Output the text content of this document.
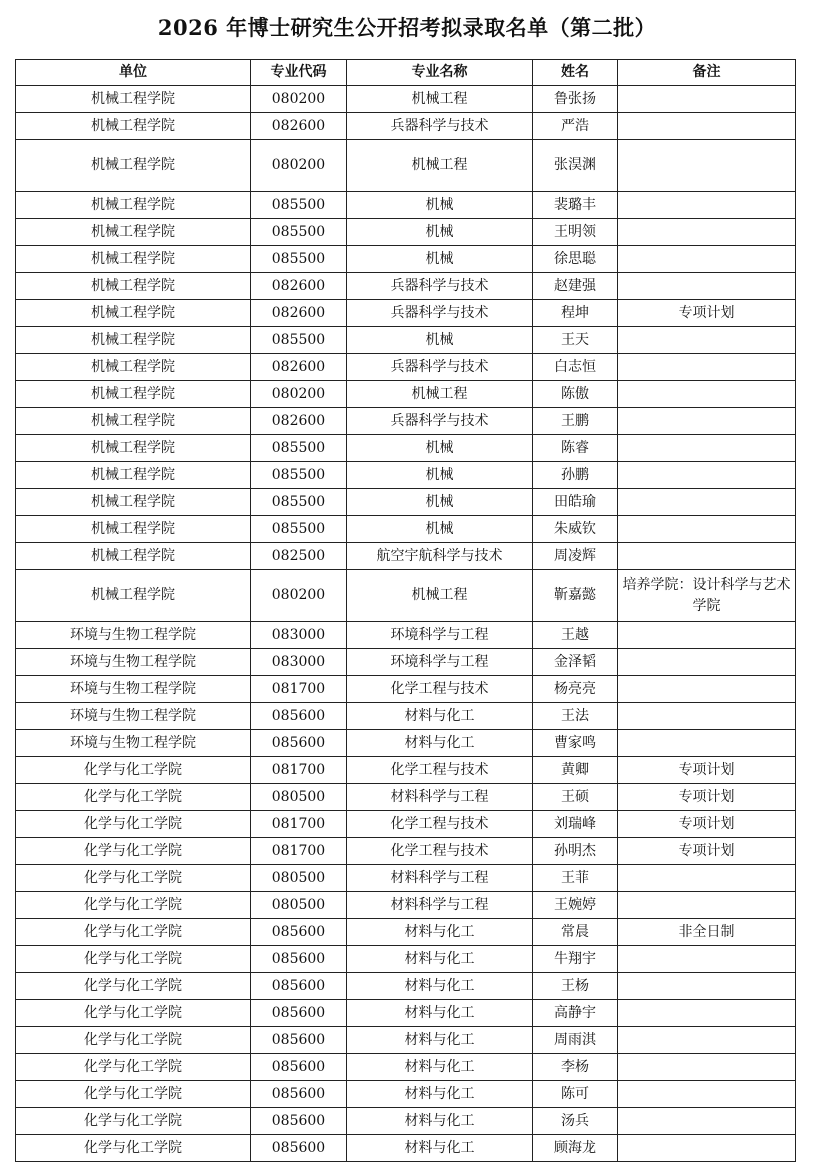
2026 年博士研究生公开招考拟录取名单（第二批）
单位	专业代码	专业名称	姓名	备注
机械工程学院	080200	机械工程	鲁张扬	
机械工程学院	082600	兵器科学与技术	严浩	
机械工程学院	080200	机械工程	张淏渊	
机械工程学院	085500	机械	裴璐丰	
机械工程学院	085500	机械	王明领	
机械工程学院	085500	机械	徐思聪	
机械工程学院	082600	兵器科学与技术	赵建强	
机械工程学院	082600	兵器科学与技术	程坤	专项计划
机械工程学院	085500	机械	王天	
机械工程学院	082600	兵器科学与技术	白志恒	
机械工程学院	080200	机械工程	陈傲	
机械工程学院	082600	兵器科学与技术	王鹏	
机械工程学院	085500	机械	陈睿	
机械工程学院	085500	机械	孙鹏	
机械工程学院	085500	机械	田皓瑜	
机械工程学院	085500	机械	朱威钦	
机械工程学院	082500	航空宇航科学与技术	周凌辉	
机械工程学院	080200	机械工程	靳嘉懿	培养学院：设计科学与艺术学院
环境与生物工程学院	083000	环境科学与工程	王越	
环境与生物工程学院	083000	环境科学与工程	金泽韬	
环境与生物工程学院	081700	化学工程与技术	杨亮亮	
环境与生物工程学院	085600	材料与化工	王法	
环境与生物工程学院	085600	材料与化工	曹家鸣	
化学与化工学院	081700	化学工程与技术	黄卿	专项计划
化学与化工学院	080500	材料科学与工程	王硕	专项计划
化学与化工学院	081700	化学工程与技术	刘瑞峰	专项计划
化学与化工学院	081700	化学工程与技术	孙明杰	专项计划
化学与化工学院	080500	材料科学与工程	王菲	
化学与化工学院	080500	材料科学与工程	王婉婷	
化学与化工学院	085600	材料与化工	常晨	非全日制
化学与化工学院	085600	材料与化工	牛翔宇	
化学与化工学院	085600	材料与化工	王杨	
化学与化工学院	085600	材料与化工	高静宇	
化学与化工学院	085600	材料与化工	周雨淇	
化学与化工学院	085600	材料与化工	李杨	
化学与化工学院	085600	材料与化工	陈可	
化学与化工学院	085600	材料与化工	汤兵	
化学与化工学院	085600	材料与化工	顾海龙	
